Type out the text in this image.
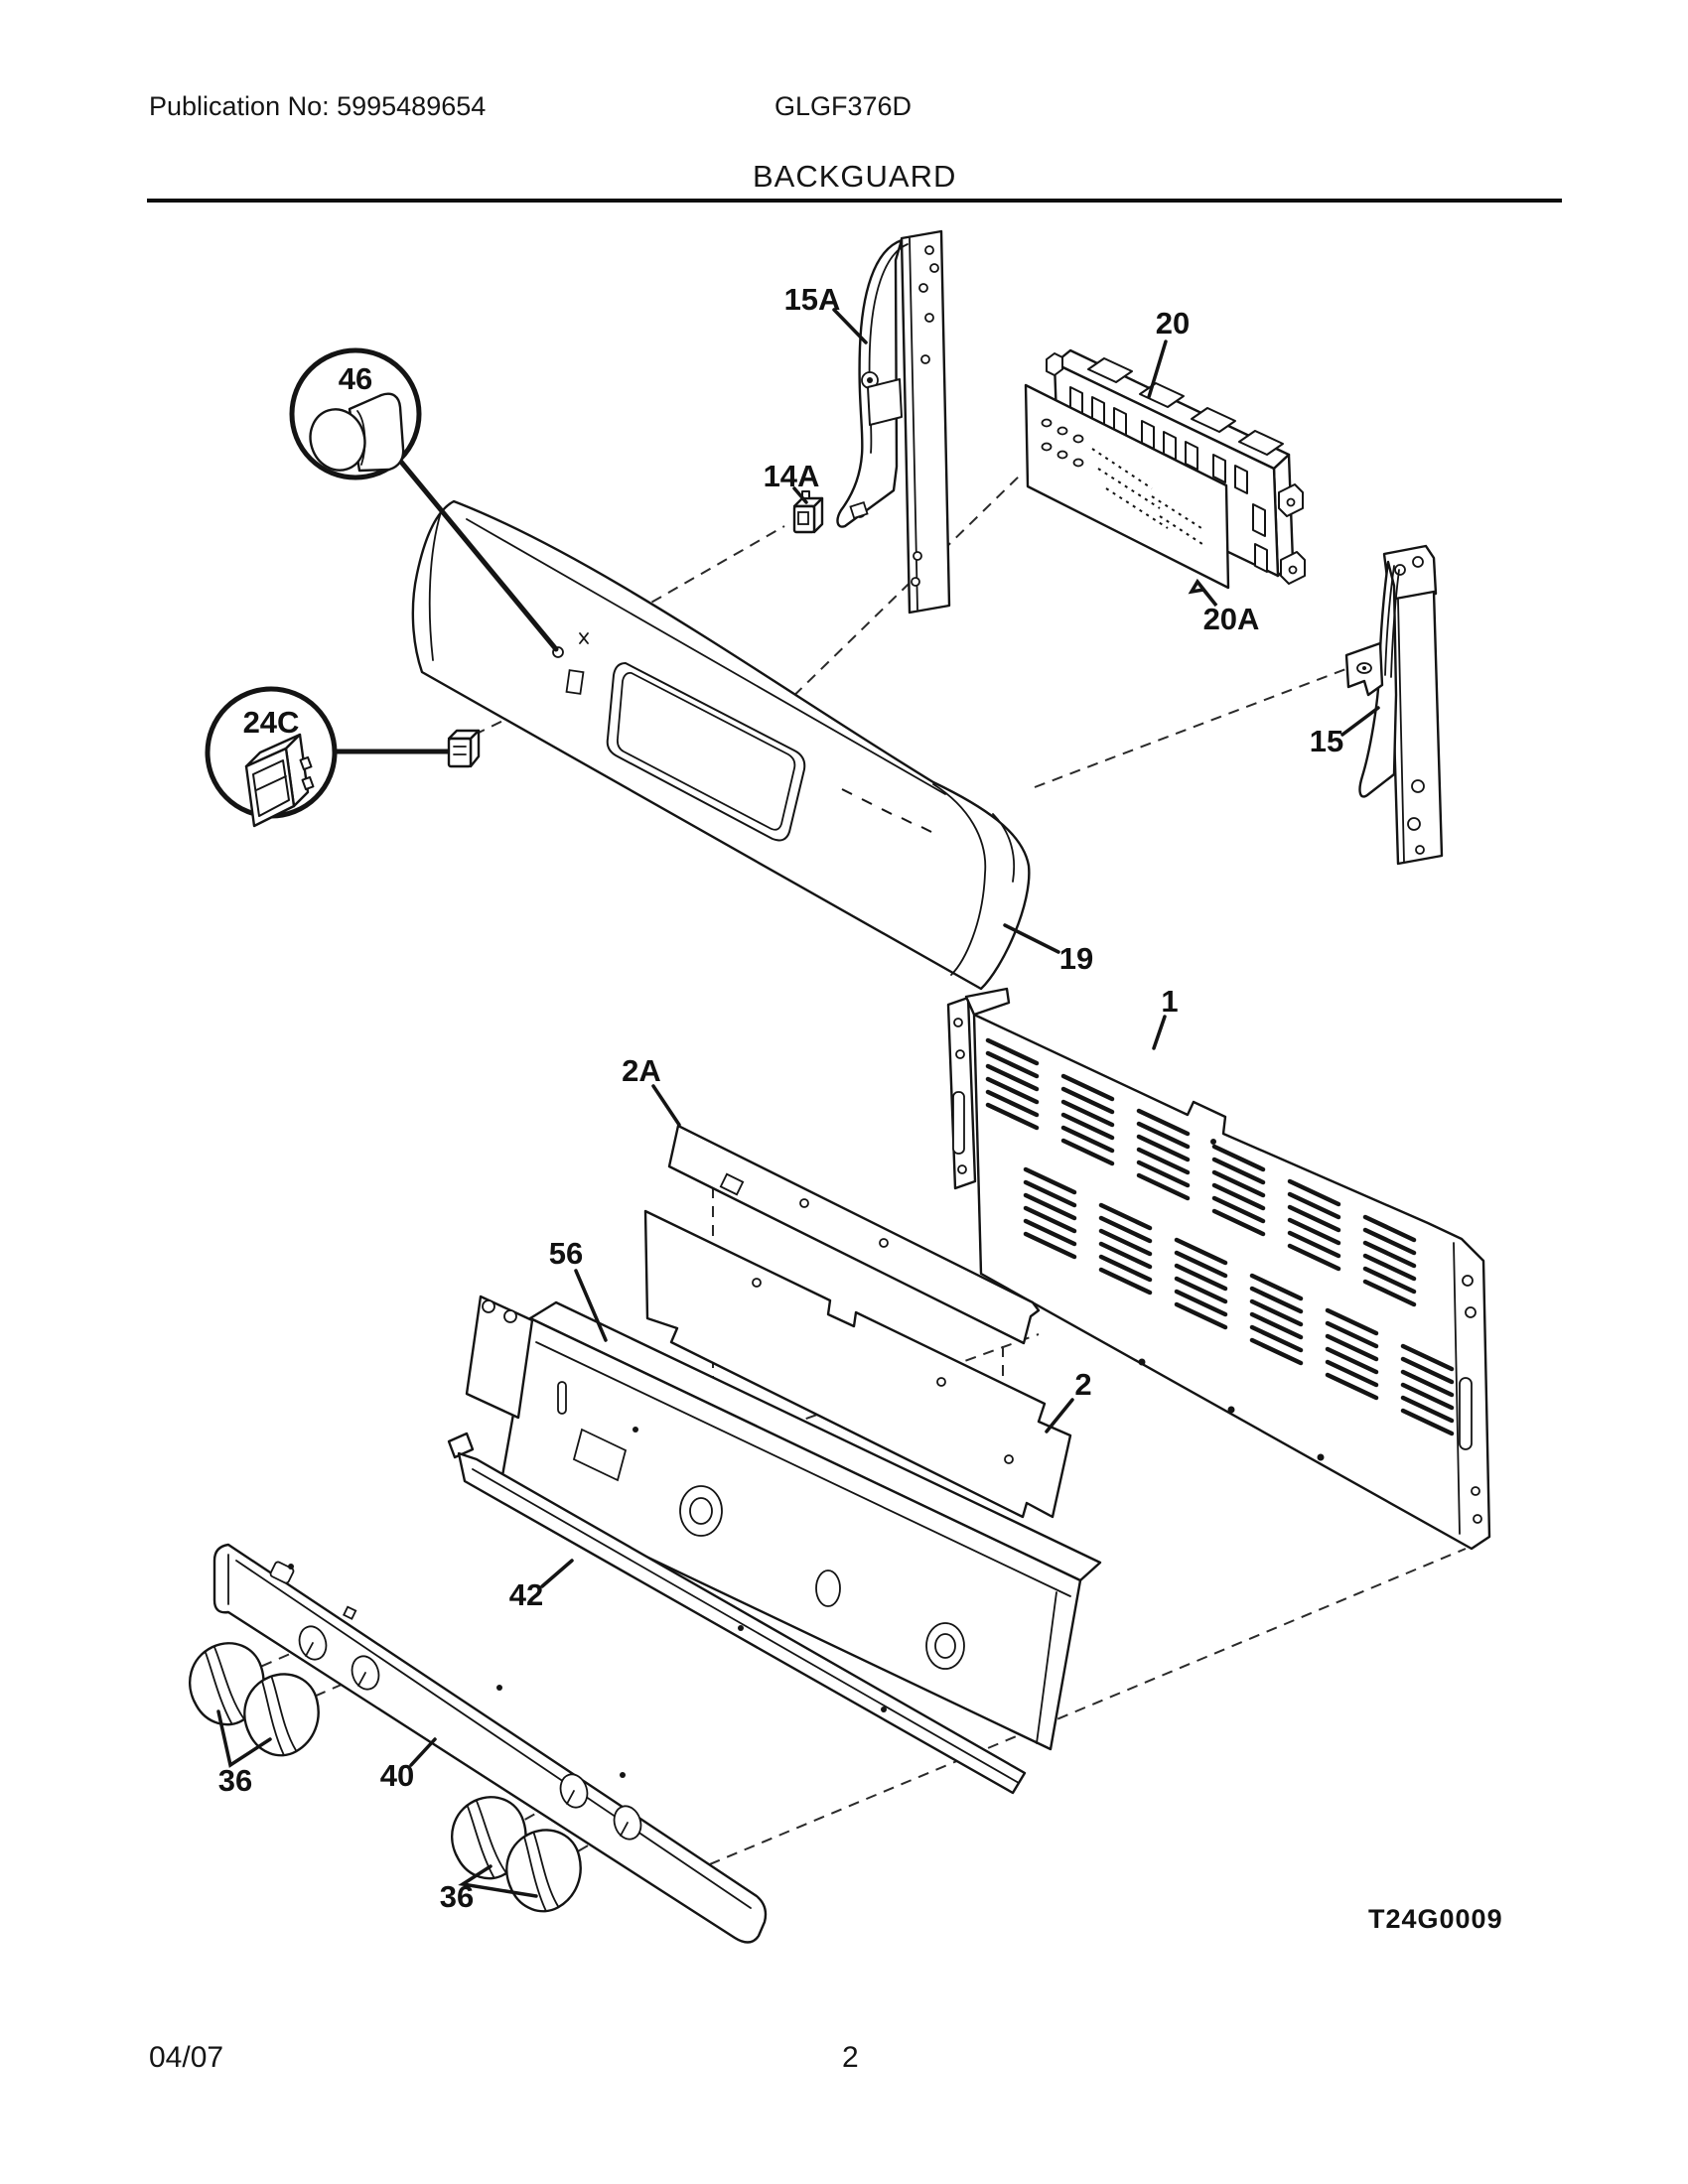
Publication No: 5995489654	GLGF376D
BACKGUARD
04/07	2
46
24C
15A
14A
20
20A
15
19
2A
1
56
2
42
36	40
36
T24G0009
